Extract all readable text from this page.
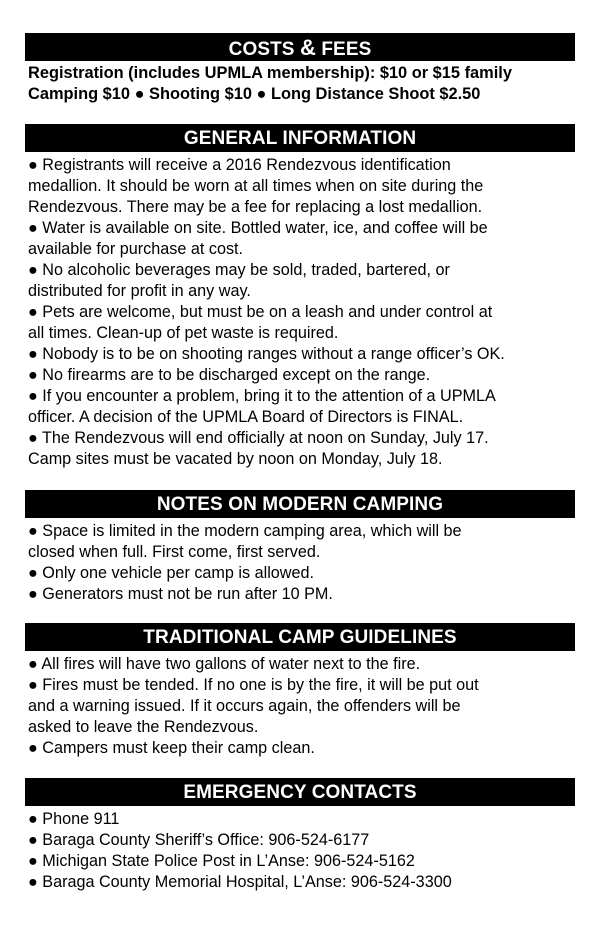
COSTS & FEES
Registration (includes UPMLA membership): $10 or $15 family
Camping $10 ● Shooting $10 ● Long Distance Shoot $2.50
GENERAL INFORMATION
● Registrants will receive a 2016 Rendezvous identification
medallion. It should be worn at all times when on site during the
Rendezvous. There may be a fee for replacing a lost medallion.
● Water is available on site. Bottled water, ice, and coffee will be
available for purchase at cost.
● No alcoholic beverages may be sold, traded, bartered, or
distributed for profit in any way.
● Pets are welcome, but must be on a leash and under control at
all times. Clean-up of pet waste is required.
● Nobody is to be on shooting ranges without a range officer’s OK.
● No firearms are to be discharged except on the range.
● If you encounter a problem, bring it to the attention of a UPMLA
officer. A decision of the UPMLA Board of Directors is FINAL.
● The Rendezvous will end officially at noon on Sunday, July 17.
Camp sites must be vacated by noon on Monday, July 18.
NOTES ON MODERN CAMPING
● Space is limited in the modern camping area, which will be
closed when full. First come, first served.
● Only one vehicle per camp is allowed.
● Generators must not be run after 10 PM.
TRADITIONAL CAMP GUIDELINES
● All fires will have two gallons of water next to the fire.
● Fires must be tended. If no one is by the fire, it will be put out
and a warning issued. If it occurs again, the offenders will be
asked to leave the Rendezvous.
● Campers must keep their camp clean.
EMERGENCY CONTACTS
● Phone 911
● Baraga County Sheriff’s Office: 906-524-6177
● Michigan State Police Post in L’Anse: 906-524-5162
● Baraga County Memorial Hospital, L’Anse: 906-524-3300
